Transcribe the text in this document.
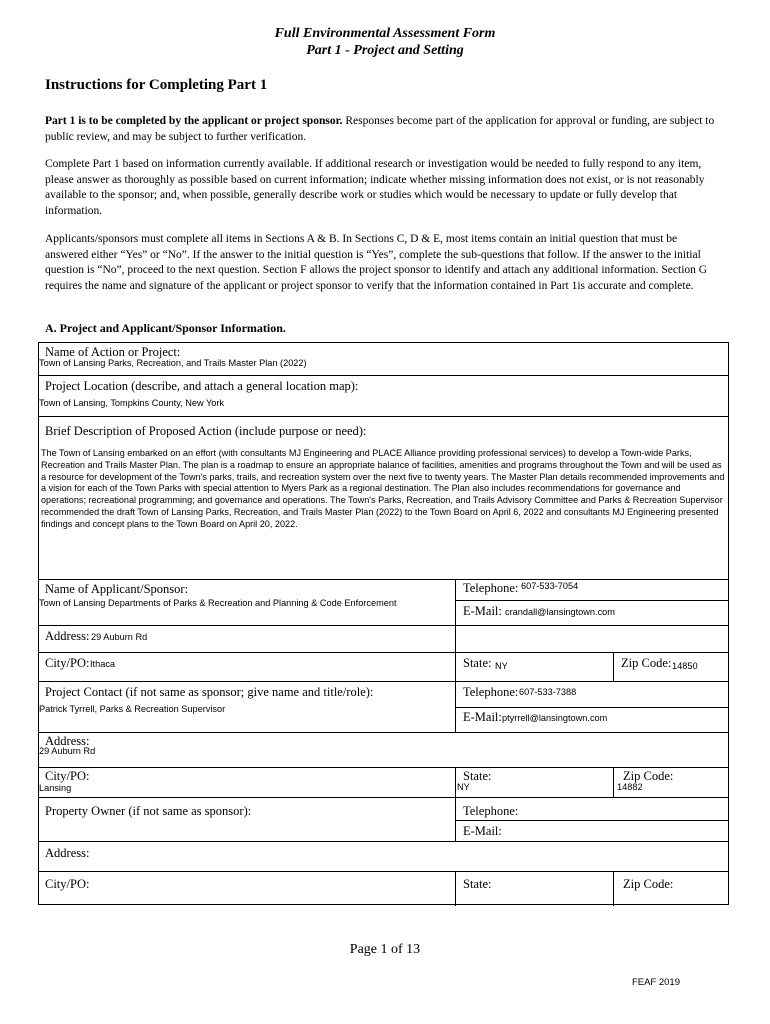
Full Environmental Assessment Form
Part 1 - Project and Setting
Instructions for Completing Part 1
Part 1 is to be completed by the applicant or project sponsor. Responses become part of the application for approval or funding, are subject to public review, and may be subject to further verification.
Complete Part 1 based on information currently available. If additional research or investigation would be needed to fully respond to any item, please answer as thoroughly as possible based on current information; indicate whether missing information does not exist, or is not reasonably available to the sponsor; and, when possible, generally describe work or studies which would be necessary to update or fully develop that information.
Applicants/sponsors must complete all items in Sections A & B. In Sections C, D & E, most items contain an initial question that must be answered either “Yes” or “No”. If the answer to the initial question is “Yes”, complete the sub-questions that follow. If the answer to the initial question is “No”, proceed to the next question. Section F allows the project sponsor to identify and attach any additional information. Section G requires the name and signature of the applicant or project sponsor to verify that the information contained in Part 1is accurate and complete.
A. Project and Applicant/Sponsor Information.
Name of Action or Project:
Town of Lansing Parks, Recreation, and Trails Master Plan (2022)
Project Location (describe, and attach a general location map):
Town of Lansing, Tompkins County, New York
Brief Description of Proposed Action (include purpose or need):
The Town of Lansing embarked on an effort (with consultants MJ Engineering and PLACE Alliance providing professional services) to develop a Town-wide Parks, Recreation and Trails Master Plan. The plan is a roadmap to ensure an appropriate balance of facilities, amenities and programs throughout the Town and will be used as a resource for development of the Town’s parks, trails, and recreation system over the next five to twenty years. The Master Plan details recommended improvements and a vision for each of the Town Parks with special attention to Myers Park as a regional destination. The Plan also includes recommendations for governance and operations; recreational programming; and governance and operations. The Town's Parks, Recreation, and Trails Advisory Committee and Parks & Recreation Supervisor recommended the draft Town of Lansing Parks, Recreation, and Trails Master Plan (2022) to the Town Board on April 6, 2022 and consultants MJ Engineering presented findings and concept plans to the Town Board on April 20, 2022.
Name of Applicant/Sponsor:
Town of Lansing Departments of Parks & Recreation and Planning & Code Enforcement
Telephone: 607-533-7054
E-Mail: crandall@lansingtown.com
Address: 29 Auburn Rd
City/PO: Ithaca	State: NY	Zip Code: 14850
Project Contact (if not same as sponsor; give name and title/role):
Patrick Tyrrell, Parks & Recreation Supervisor
Telephone: 607-533-7388
E-Mail: ptyrrell@lansingtown.com
Address:
29 Auburn Rd
City/PO:
Lansing
State:
NY
Zip Code:
14882
Property Owner (if not same as sponsor):	Telephone:
E-Mail:
Address:
City/PO:	State:	Zip Code:
Page 1 of 13
FEAF 2019
